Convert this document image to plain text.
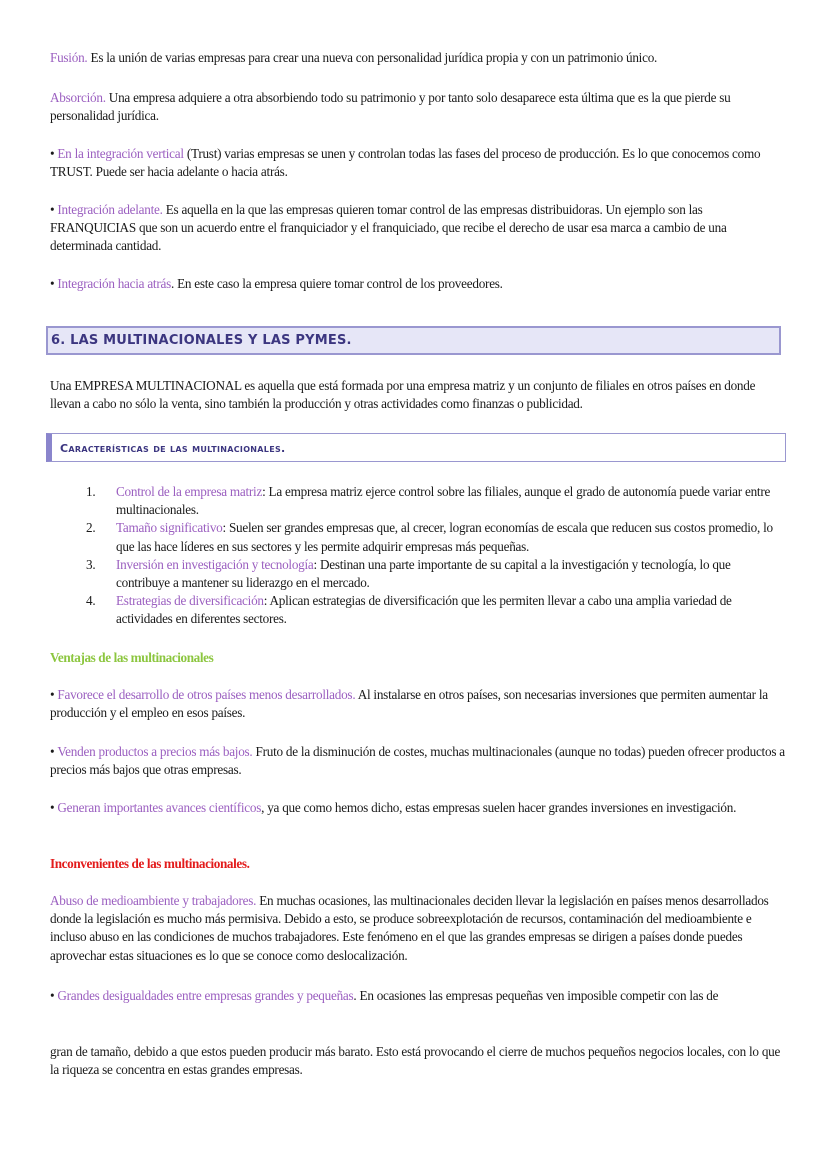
Fusión. Es la unión de varias empresas para crear una nueva con personalidad jurídica propia y con un patrimonio único.

Absorción. Una empresa adquiere a otra absorbiendo todo su patrimonio y por tanto solo desaparece esta última que es la que pierde su personalidad jurídica.

• En la integración vertical (Trust) varias empresas se unen y controlan todas las fases del proceso de producción. Es lo que conocemos como TRUST. Puede ser hacia adelante o hacia atrás.

• Integración adelante. Es aquella en la que las empresas quieren tomar control de las empresas distribuidoras. Un ejemplo son las FRANQUICIAS que son un acuerdo entre el franquiciador y el franquiciado, que recibe el derecho de usar esa marca a cambio de una determinada cantidad.

• Integración hacia atrás. En este caso la empresa quiere tomar control de los proveedores.

6. LAS MULTINACIONALES Y LAS PYMES.

Una EMPRESA MULTINACIONAL es aquella que está formada por una empresa matriz y un conjunto de filiales en otros países en donde llevan a cabo no sólo la venta, sino también la producción y otras actividades como finanzas o publicidad.

Características de las multinacionales.
1.	Control de la empresa matriz: La empresa matriz ejerce control sobre las filiales, aunque el grado de autonomía puede variar entre multinacionales.
2.	Tamaño significativo: Suelen ser grandes empresas que, al crecer, logran economías de escala que reducen sus costos promedio, lo que las hace líderes en sus sectores y les permite adquirir empresas más pequeñas.
3.	Inversión en investigación y tecnología: Destinan una parte importante de su capital a la investigación y tecnología, lo que contribuye a mantener su liderazgo en el mercado.
4.	Estrategias de diversificación: Aplican estrategias de diversificación que les permiten llevar a cabo una amplia variedad de actividades en diferentes sectores.

Ventajas de las multinacionales

• Favorece el desarrollo de otros países menos desarrollados. Al instalarse en otros países, son necesarias inversiones que permiten aumentar la producción y el empleo en esos países.

• Venden productos a precios más bajos. Fruto de la disminución de costes, muchas multinacionales (aunque no todas) pueden ofrecer productos a precios más bajos que otras empresas.

• Generan importantes avances científicos, ya que como hemos dicho, estas empresas suelen hacer grandes inversiones en investigación.

Inconvenientes de las multinacionales.

Abuso de medioambiente y trabajadores. En muchas ocasiones, las multinacionales deciden llevar la legislación en países menos desarrollados donde la legislación es mucho más permisiva. Debido a esto, se produce sobreexplotación de recursos, contaminación del medioambiente e incluso abuso en las condiciones de muchos trabajadores. Este fenómeno en el que las grandes empresas se dirigen a países donde puedes aprovechar estas situaciones es lo que se conoce como deslocalización.

• Grandes desigualdades entre empresas grandes y pequeñas. En ocasiones las empresas pequeñas ven imposible competir con las de

gran de tamaño, debido a que estos pueden producir más barato. Esto está provocando el cierre de muchos pequeños negocios locales, con lo que la riqueza se concentra en estas grandes empresas.
